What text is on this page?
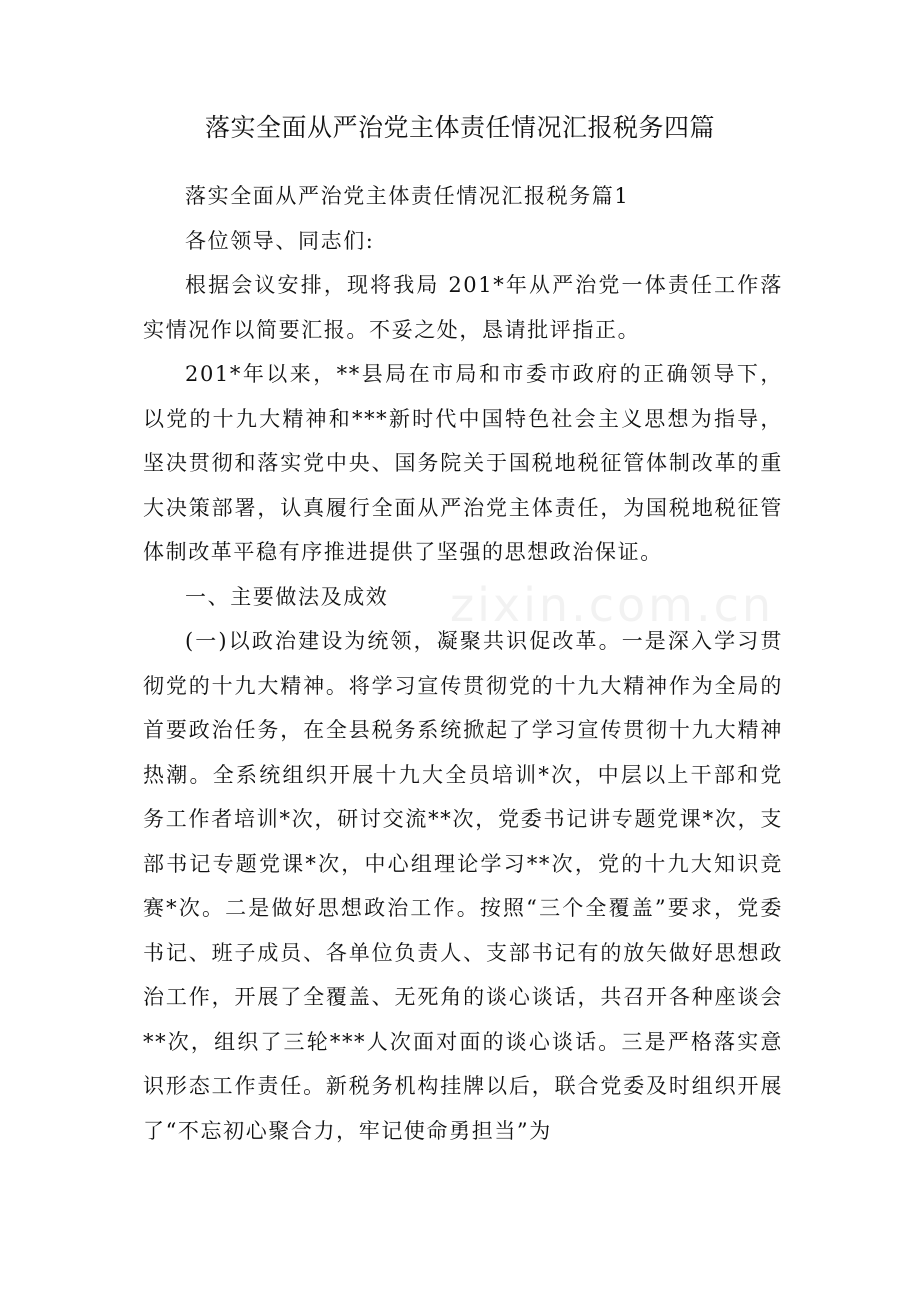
落实全面从严治党主体责任情况汇报税务四篇

落实全面从严治党主体责任情况汇报税务篇1

各位领导、同志们:

根据会议安排，现将我局 201*年从严治党一体责任工作落实情况作以简要汇报。不妥之处，恳请批评指正。

201*年以来，**县局在市局和市委市政府的正确领导下，以党的十九大精神和***新时代中国特色社会主义思想为指导，坚决贯彻和落实党中央、国务院关于国税地税征管体制改革的重大决策部署，认真履行全面从严治党主体责任，为国税地税征管体制改革平稳有序推进提供了坚强的思想政治保证。

一、主要做法及成效

(一)以政治建设为统领，凝聚共识促改革。一是深入学习贯彻党的十九大精神。将学习宣传贯彻党的十九大精神作为全局的首要政治任务，在全县税务系统掀起了学习宣传贯彻十九大精神热潮。全系统组织开展十九大全员培训*次，中层以上干部和党务工作者培训*次，研讨交流**次，党委书记讲专题党课*次，支部书记专题党课*次，中心组理论学习**次，党的十九大知识竞赛*次。二是做好思想政治工作。按照“三个全覆盖”要求，党委书记、班子成员、各单位负责人、支部书记有的放矢做好思想政治工作，开展了全覆盖、无死角的谈心谈话，共召开各种座谈会**次，组织了三轮***人次面对面的谈心谈话。三是严格落实意识形态工作责任。新税务机构挂牌以后，联合党委及时组织开展了“不忘初心聚合力，牢记使命勇担当”为

zixin.com.cn
